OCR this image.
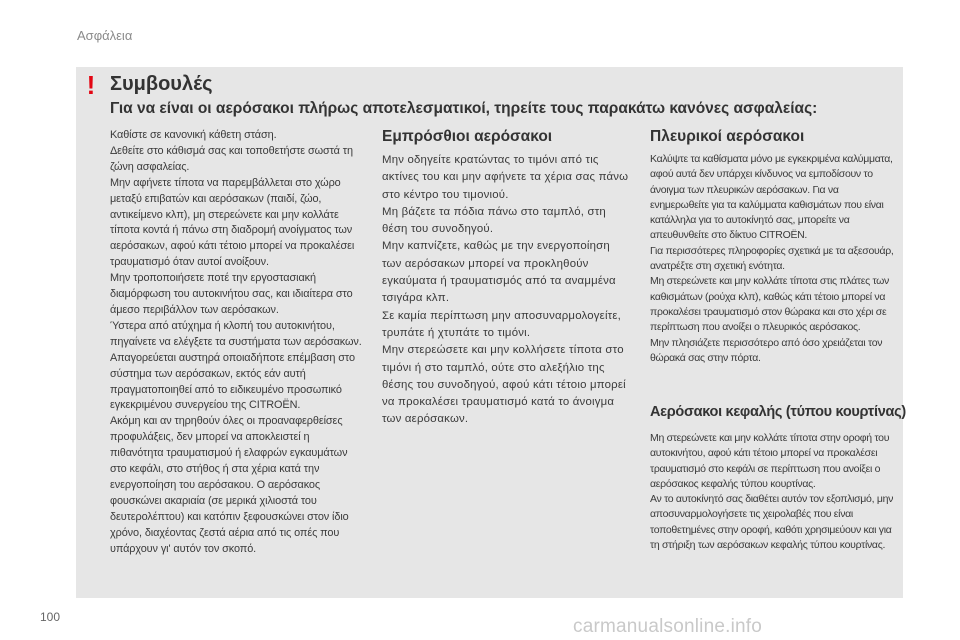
Ασφάλεια
! Συμβουλές
Για να είναι οι αερόσακοι πλήρως αποτελεσματικοί, τηρείτε τους παρακάτω κανόνες ασφαλείας:

Καθίστε σε κανονική κάθετη στάση.

Δεθείτε στο κάθισμά σας και τοποθετήστε σωστά τη ζώνη ασφαλείας.

Μην αφήνετε τίποτα να παρεμβάλλεται στο χώρο μεταξύ επιβατών και αερόσακων (παιδί, ζώο, αντικείμενο κλπ), μη στερεώνετε και μην κολλάτε τίποτα κοντά ή πάνω στη διαδρομή ανοίγματος των αερόσακων, αφού κάτι τέτοιο μπορεί να προκαλέσει τραυματισμό όταν αυτοί ανοίξουν.

Μην τροποποιήσετε ποτέ την εργοστασιακή διαμόρφωση του αυτοκινήτου σας, και ιδιαίτερα στο άμεσο περιβάλλον των αερόσακων.

Ύστερα από ατύχημα ή κλοπή του αυτοκινήτου, πηγαίνετε να ελέγξετε τα συστήματα των αερόσακων.

Απαγορεύεται αυστηρά οποιαδήποτε επέμβαση στο σύστημα των αερόσακων, εκτός εάν αυτή πραγματοποιηθεί από το ειδικευμένο προσωπικό εγκεκριμένου συνεργείου της CITROËN.

Ακόμη και αν τηρηθούν όλες οι προαναφερθείσες προφυλάξεις, δεν μπορεί να αποκλειστεί η πιθανότητα τραυματισμού ή ελαφρών εγκαυμάτων στο κεφάλι, στο στήθος ή στα χέρια κατά την ενεργοποίηση του αερόσακου. Ο αερόσακος φουσκώνει ακαριαία (σε μερικά χιλιοστά του δευτερολέπτου) και κατόπιν ξεφουσκώνει στον ίδιο χρόνο, διαχέοντας ζεστά αέρια από τις οπές που υπάρχουν γι' αυτόν τον σκοπό.

Εμπρόσθιοι αερόσακοι

Μην οδηγείτε κρατώντας το τιμόνι από τις ακτίνες του και μην αφήνετε τα χέρια σας πάνω στο κέντρο του τιμονιού.

Μη βάζετε τα πόδια πάνω στο ταμπλό, στη θέση του συνοδηγού.

Μην καπνίζετε, καθώς με την ενεργοποίηση των αερόσακων μπορεί να προκληθούν εγκαύματα ή τραυματισμός από τα αναμμένα τσιγάρα κλπ.

Σε καμία περίπτωση μην αποσυναρμολογείτε, τρυπάτε ή χτυπάτε το τιμόνι.

Μην στερεώσετε και μην κολλήσετε τίποτα στο τιμόνι ή στο ταμπλό, ούτε στο αλεξήλιο της θέσης του συνοδηγού, αφού κάτι τέτοιο μπορεί να προκαλέσει τραυματισμό κατά το άνοιγμα των αερόσακων.

Πλευρικοί αερόσακοι

Καλύψτε τα καθίσματα μόνο με εγκεκριμένα καλύμματα, αφού αυτά δεν υπάρχει κίνδυνος να εμποδίσουν το άνοιγμα των πλευρικών αερόσακων. Για να ενημερωθείτε για τα καλύμματα καθισμάτων που είναι κατάλληλα για το αυτοκίνητό σας, μπορείτε να απευθυνθείτε στο δίκτυο CITROËN.

Για περισσότερες πληροφορίες σχετικά με τα αξεσουάρ, ανατρέξτε στη σχετική ενότητα.

Μη στερεώνετε και μην κολλάτε τίποτα στις πλάτες των καθισμάτων (ρούχα κλπ), καθώς κάτι τέτοιο μπορεί να προκαλέσει τραυματισμό στον θώρακα και στο χέρι σε περίπτωση που ανοίξει ο πλευρικός αερόσακος.

Μην πλησιάζετε περισσότερο από όσο χρειάζεται τον θώρακά σας στην πόρτα.

Αερόσακοι κεφαλής (τύπου κουρτίνας)

Μη στερεώνετε και μην κολλάτε τίποτα στην οροφή του αυτοκινήτου, αφού κάτι τέτοιο μπορεί να προκαλέσει τραυματισμό στο κεφάλι σε περίπτωση που ανοίξει ο αερόσακος κεφαλής τύπου κουρτίνας.

Αν το αυτοκίνητό σας διαθέτει αυτόν τον εξοπλισμό, μην αποσυναρμολογήσετε τις χειρολαβές που είναι τοποθετημένες στην οροφή, καθότι χρησιμεύουν και για τη στήριξη των αερόσακων κεφαλής τύπου κουρτίνας.

100	carmanualsonline.info
